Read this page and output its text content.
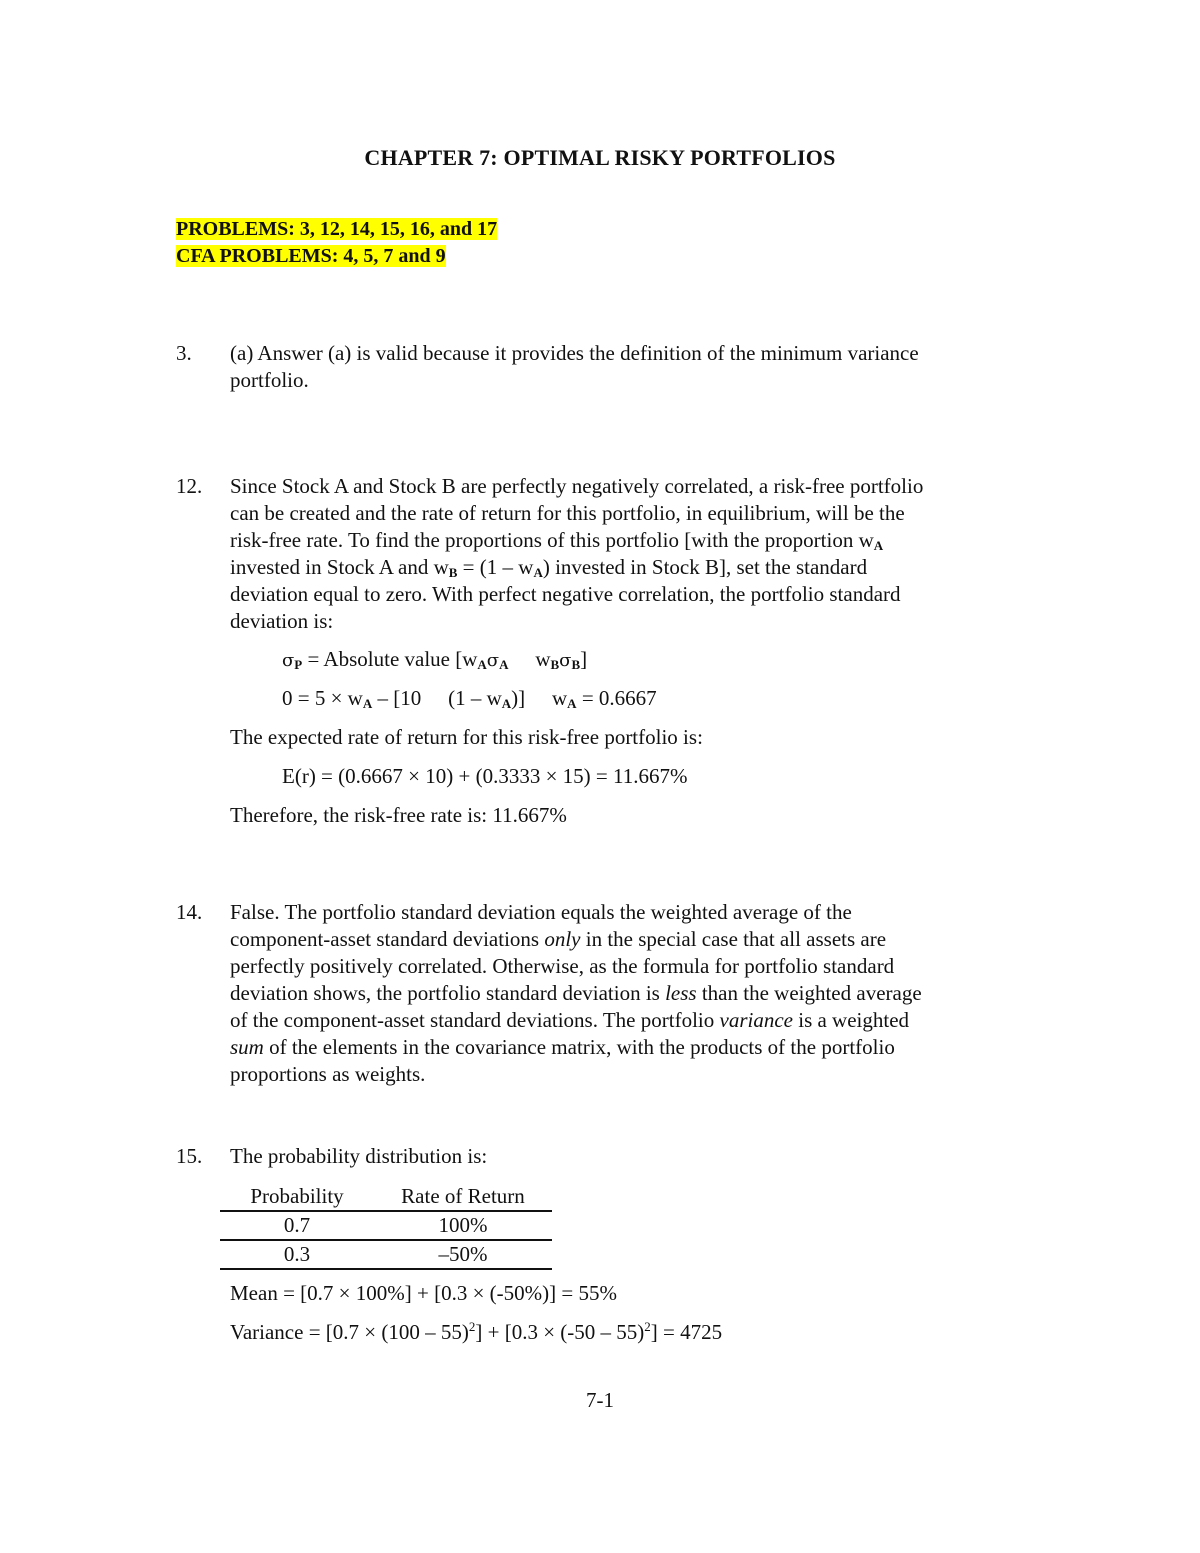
CHAPTER 7: OPTIMAL RISKY PORTFOLIOS
PROBLEMS: 3, 12, 14, 15, 16, and 17
CFA PROBLEMS: 4, 5, 7 and 9
3. (a) Answer (a) is valid because it provides the definition of the minimum variance
portfolio.
12. Since Stock A and Stock B are perfectly negatively correlated, a risk-free portfolio
can be created and the rate of return for this portfolio, in equilibrium, will be the
risk-free rate. To find the proportions of this portfolio [with the proportion wA
invested in Stock A and wB = (1 – wA) invested in Stock B], set the standard
deviation equal to zero. With perfect negative correlation, the portfolio standard
deviation is:
σP = Absolute value [wAσA   wBσB]
0 = 5 × wA – [10   (1 – wA)]   wA = 0.6667
The expected rate of return for this risk-free portfolio is:
E(r) = (0.6667 × 10) + (0.3333 × 15) = 11.667%
Therefore, the risk-free rate is: 11.667%
14. False. The portfolio standard deviation equals the weighted average of the
component-asset standard deviations only in the special case that all assets are
perfectly positively correlated. Otherwise, as the formula for portfolio standard
deviation shows, the portfolio standard deviation is less than the weighted average
of the component-asset standard deviations. The portfolio variance is a weighted
sum of the elements in the covariance matrix, with the products of the portfolio
proportions as weights.
15. The probability distribution is:
Probability	Rate of Return
0.7	100%
0.3	–50%
Mean = [0.7 × 100%] + [0.3 × (-50%)] = 55%
Variance = [0.7 × (100 – 55)$^2$] + [0.3 × (-50 – 55)$^2$] = 4725
7-1
